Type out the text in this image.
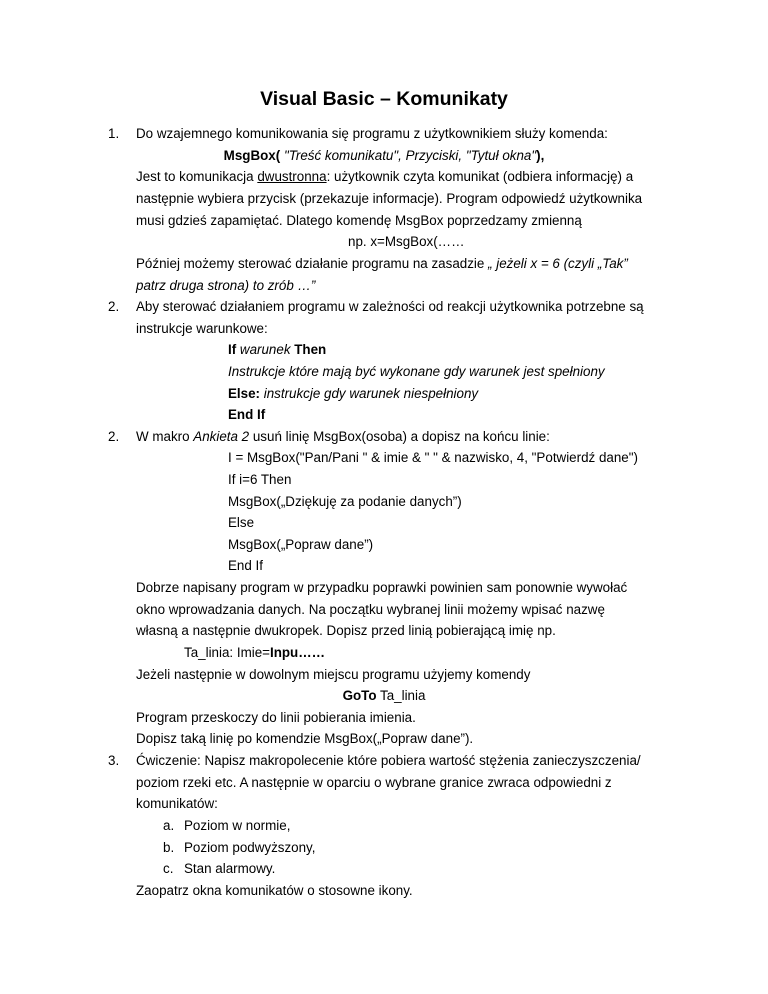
Visual Basic – Komunikaty
1. Do wzajemnego komunikowania się programu z użytkownikiem służy komenda:
MsgBox( "Treść komunikatu", Przyciski, "Tytuł okna"),
Jest to komunikacja dwustronna: użytkownik czyta komunikat (odbiera informację) a
następnie wybiera przycisk (przekazuje informacje). Program odpowiedź użytkownika
musi gdzieś zapamiętać. Dlatego komendę MsgBox poprzedzamy zmienną
np. x=MsgBox(……
Później możemy sterować działanie programu na zasadzie „ jeżeli x = 6 (czyli „Tak”
patrz druga strona) to zrób …”
2. Aby sterować działaniem programu w zależności od reakcji użytkownika potrzebne są
instrukcje warunkowe:
If warunek Then
Instrukcje które mają być wykonane gdy warunek jest spełniony
Else: instrukcje gdy warunek niespełniony
End If
2. W makro Ankieta 2 usuń linię MsgBox(osoba) a dopisz na końcu linie:
I = MsgBox("Pan/Pani " & imie & " " & nazwisko, 4, "Potwierdź dane")
If i=6 Then
MsgBox(„Dziękuję za podanie danych”)
Else
MsgBox(„Popraw dane”)
End If
Dobrze napisany program w przypadku poprawki powinien sam ponownie wywołać
okno wprowadzania danych. Na początku wybranej linii możemy wpisać nazwę
własną a następnie dwukropek. Dopisz przed linią pobierającą imię np.
Ta_linia: Imie=Inpu……
Jeżeli następnie w dowolnym miejscu programu użyjemy komendy
GoTo Ta_linia
Program przeskoczy do linii pobierania imienia.
Dopisz taką linię po komendzie MsgBox(„Popraw dane”).
3. Ćwiczenie: Napisz makropolecenie które pobiera wartość stężenia zanieczyszczenia/
poziom rzeki etc. A następnie w oparciu o wybrane granice zwraca odpowiedni z
komunikatów:
a. Poziom w normie,
b. Poziom podwyższony,
c. Stan alarmowy.
Zaopatrz okna komunikatów o stosowne ikony.
